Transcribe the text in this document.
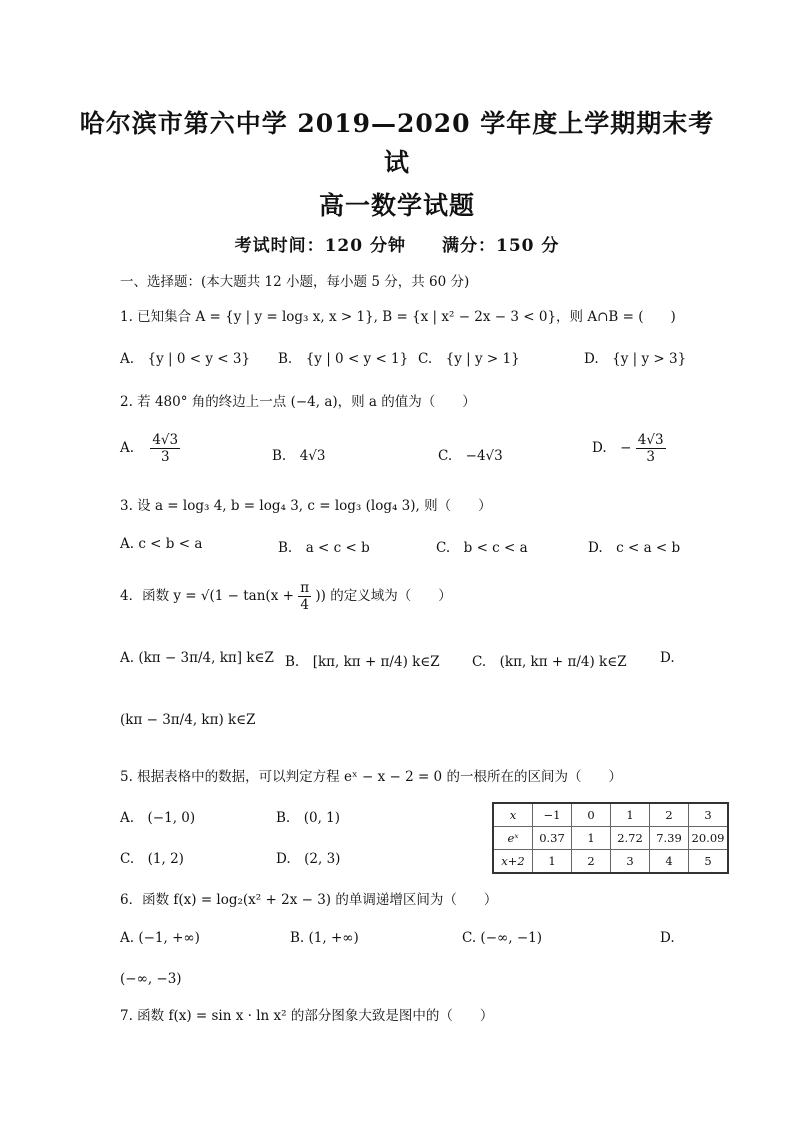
哈尔滨市第六中学 2019—2020 学年度上学期期末考
试
高一数学试题
考试时间：120 分钟　　满分：150 分
一、选择题：(本大题共 12 小题，每小题 5 分，共 60 分)
1. 已知集合 A = {y | y = log₃ x, x > 1}, B = {x | x² − 2x − 3 < 0}，则 A∩B = (　　)
A.　{y | 0 < y < 3} B.　{y | 0 < y < 1} C.　{y | y > 1}	D.　{y | y > 3}
2. 若 480° 角的终边上一点 (−4, a)，则 a 的值为（　　）
A. $\frac{4√3}{3}$	B.　4√3	C.　−4√3	D.　− $\frac{4√3}{3}$
3. 设 a = log₃ 4, b = log₄ 3, c = log₃ (log₄ 3), 则（　　）
A. c < b < a	B.　a < c < b	C.　b < c < a	D.　c < a < b
4．函数 $y = √(1 - \tan(x + \frac{\pi}{4}$ )) 的定义域为（　　）
A. (kπ − 3π/4, kπ] k∈Z B.　[kπ, kπ + π/4) k∈Z C.　(kπ, kπ + π/4) k∈Z D.
(kπ − 3π/4, kπ) k∈Z
5. 根据表格中的数据，可以判定方程 eˣ − x − 2 = 0 的一根所在的区间为（　　）
A.　(−1, 0)	B.　(0, 1)
C.　(1, 2)	D.　(2, 3)
x	−1	0	1	2	3
eˣ	0.37	1	2.72	7.39	20.09
x+2	1	2	3	4	5
6．函数 f(x) = log₂(x² + 2x − 3) 的单调递增区间为（　　）
A. (−1, +∞)	B. (1, +∞)	C. (−∞, −1)	D.
(−∞, −3)
7. 函数 f(x) = sin x · ln x² 的部分图象大致是图中的（　　）
